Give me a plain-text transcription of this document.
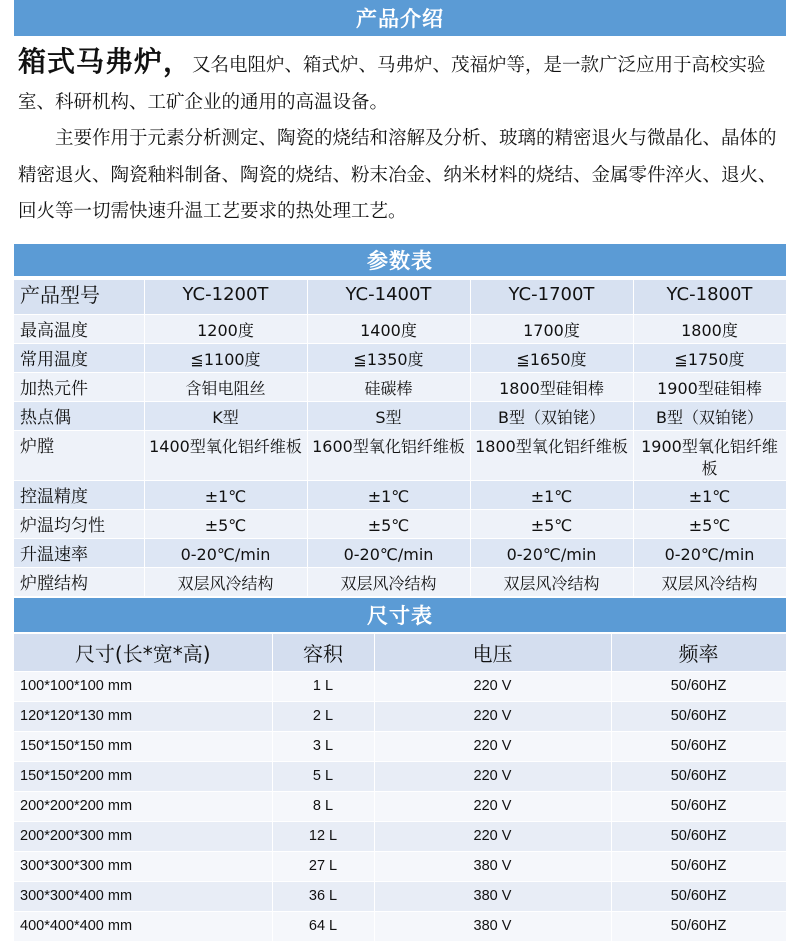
产品介绍

箱式马弗炉，又名电阻炉、箱式炉、马弗炉、茂福炉等，是一款广泛应用于高校实验室、科研机构、工矿企业的通用的高温设备。

主要作用于元素分析测定、陶瓷的烧结和溶解及分析、玻璃的精密退火与微晶化、晶体的精密退火、陶瓷釉料制备、陶瓷的烧结、粉末冶金、纳米材料的烧结、金属零件淬火、退火、回火等一切需快速升温工艺要求的热处理工艺。

参数表
产品型号	YC-1200T	YC-1400T	YC-1700T	YC-1800T
最高温度	1200度	1400度	1700度	1800度
常用温度	≦1100度	≦1350度	≦1650度	≦1750度
加热元件	含钼电阻丝	硅碳棒	1800型硅钼棒	1900型硅钼棒
热点偶	K型	S型	B型（双铂铑）	B型（双铂铑）
炉膛	1400型氧化铝纤维板	1600型氧化铝纤维板	1800型氧化铝纤维板	1900型氧化铝纤维板
控温精度	±1℃	±1℃	±1℃	±1℃
炉温均匀性	±5℃	±5℃	±5℃	±5℃
升温速率	0-20℃/min	0-20℃/min	0-20℃/min	0-20℃/min
炉膛结构	双层风冷结构	双层风冷结构	双层风冷结构	双层风冷结构
尺寸表
尺寸(长*宽*高)	容积	电压	频率
100*100*100 mm	1 L	220 V	50/60HZ
120*120*130 mm	2 L	220 V	50/60HZ
150*150*150 mm	3 L	220 V	50/60HZ
150*150*200 mm	5 L	220 V	50/60HZ
200*200*200 mm	8 L	220 V	50/60HZ
200*200*300 mm	12 L	220 V	50/60HZ
300*300*300 mm	27 L	380 V	50/60HZ
300*300*400 mm	36 L	380 V	50/60HZ
400*400*400 mm	64 L	380 V	50/60HZ
